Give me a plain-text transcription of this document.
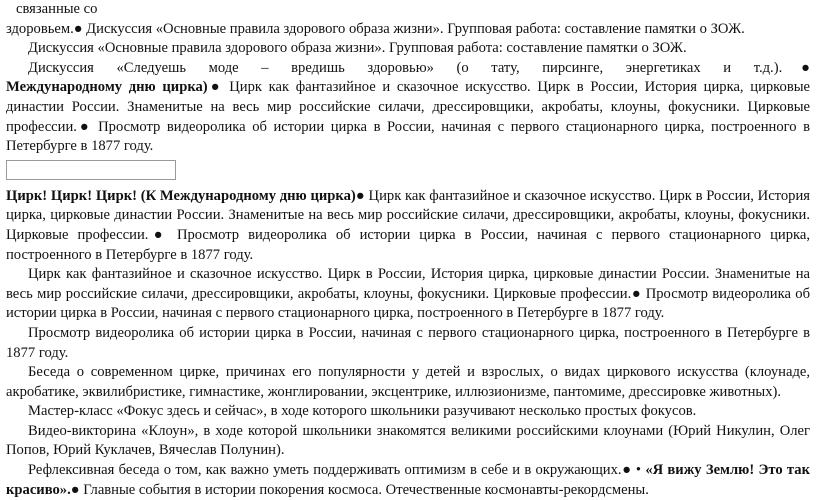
связанные со

здоровьем.● Дискуссия «Основные правила здорового образа жизни». Групповая работа: составление памятки о ЗОЖ.

Дискуссия «Основные правила здорового образа жизни». Групповая работа: составление памятки о ЗОЖ.

Дискуссия «Следуешь моде – вредишь здоровью» (о тату, пирсинге, энергетиках и т.д.).●

Международному дню цирка)● Цирк как фантазийное и сказочное искусство. Цирк в России, История цирка, цирковые династии России. Знаменитые на весь мир российские силачи, дрессировщики, акробаты, клоуны, фокусники. Цирковые профессии.● Просмотр видеоролика об истории цирка в России, начиная с первого стационарного цирка, построенного в Петербурге в 1877 году.

Цирк! Цирк! Цирк! (К Международному дню цирка)● Цирк как фантазийное и сказочное искусство. Цирк в России, История цирка, цирковые династии России. Знаменитые на весь мир российские силачи, дрессировщики, акробаты, клоуны, фокусники. Цирковые профессии.● Просмотр видеоролика об истории цирка в России, начиная с первого стационарного цирка, построенного в Петербурге в 1877 году.

Цирк как фантазийное и сказочное искусство. Цирк в России, История цирка, цирковые династии России. Знаменитые на весь мир российские силачи, дрессировщики, акробаты, клоуны, фокусники. Цирковые профессии.● Просмотр видеоролика об истории цирка в России, начиная с первого стационарного цирка, построенного в Петербурге в 1877 году.

Просмотр видеоролика об истории цирка в России, начиная с первого стационарного цирка, построенного в Петербурге в 1877 году.

Беседа о современном цирке, причинах его популярности у детей и взрослых, о видах циркового искусства (клоунаде, акробатике, эквилибристике, гимнастике, жонглировании, эксцентрике, иллюзионизме, пантомиме, дрессировке животных).

Мастер-класс «Фокус здесь и сейчас», в ходе которого школьники разучивают несколько простых фокусов.

Видео-викторина «Клоун», в ходе которой школьники знакомятся великими российскими клоунами (Юрий Никулин, Олег Попов, Юрий Куклачев, Вячеслав Полунин).

Рефлексивная беседа о том, как важно уметь поддерживать оптимизм в себе и в окружающих.● • «Я вижу Землю! Это так красиво».● Главные события в истории покорения космоса. Отечественные космонавты-рекордсмены.
